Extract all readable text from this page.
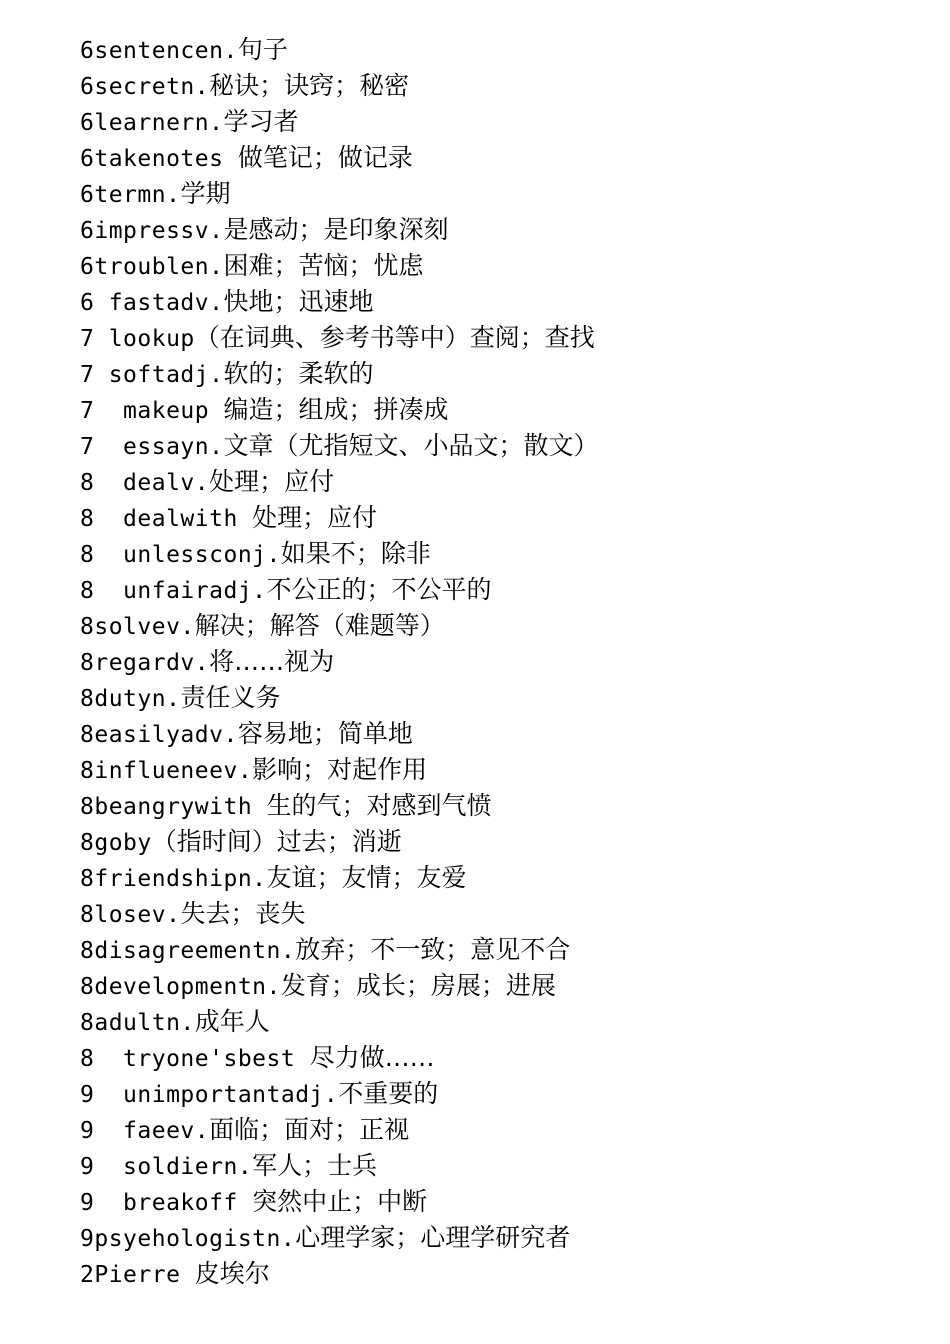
6sentencen.句子
6secretn.秘诀；诀窍；秘密
6learnern.学习者
6takenotes 做笔记；做记录
6termn.学期
6impressv.是感动；是印象深刻
6troublen.困难；苦恼；忧虑
6 fastadv.快地；迅速地
7 lookup（在词典、参考书等中）查阅；查找
7 softadj.软的；柔软的
7  makeup 编造；组成；拼凑成
7  essayn.文章（尤指短文、小品文；散文）
8  dealv.处理；应付
8  dealwith 处理；应付
8  unlessconj.如果不；除非
8  unfairadj.不公正的；不公平的
8solvev.解决；解答（难题等）
8regardv.将……视为
8dutyn.责任义务
8easilyadv.容易地；简单地
8influeneev.影响；对起作用
8beangrywith 生的气；对感到气愤
8goby（指时间）过去；消逝
8friendshipn.友谊；友情；友爱
8losev.失去；丧失
8disagreementn.放弃；不一致；意见不合
8developmentn.发育；成长；房展；进展
8adultn.成年人
8  tryone'sbest 尽力做……
9  unimportantadj.不重要的
9  faeev.面临；面对；正视
9  soldiern.军人；士兵
9  breakoff 突然中止；中断
9psyehologistn.心理学家；心理学研究者
2Pierre 皮埃尔
